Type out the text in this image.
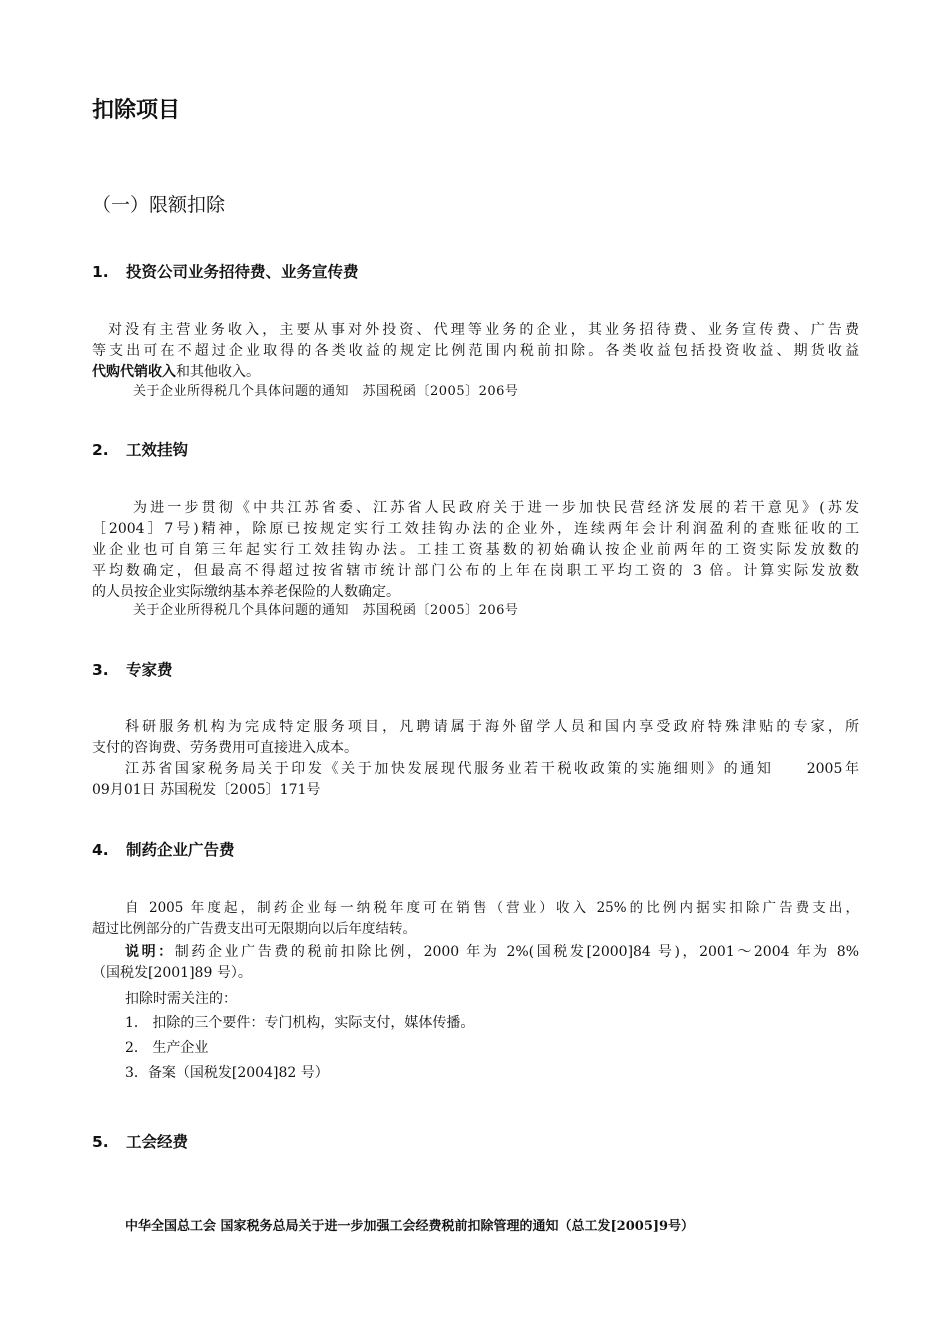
扣除项目
（一）限额扣除
1. 投资公司业务招待费、业务宣传费
对没有主营业务收入，主要从事对外投资、代理等业务的企业，其业务招待费、业务宣传费、广告费
等支出可在不超过企业取得的各类收益的规定比例范围内税前扣除。各类收益包括投资收益、期货收益
代购代销收入和其他收入。
关于企业所得税几个具体问题的通知　苏国税函〔2005〕206号
2. 工效挂钩
为进一步贯彻《中共江苏省委、江苏省人民政府关于进一步加快民营经济发展的若干意见》(苏发
［2004］7号)精神，除原已按规定实行工效挂钩办法的企业外，连续两年会计利润盈利的查账征收的工
业企业也可自第三年起实行工效挂钩办法。工挂工资基数的初始确认按企业前两年的工资实际发放数的
平均数确定，但最高不得超过按省辖市统计部门公布的上年在岗职工平均工资的 3 倍。计算实际发放数
的人员按企业实际缴纳基本养老保险的人数确定。
关于企业所得税几个具体问题的通知　苏国税函〔2005〕206号
3. 专家费
科研服务机构为完成特定服务项目，凡聘请属于海外留学人员和国内享受政府特殊津贴的专家，所
支付的咨询费、劳务费用可直接进入成本。
江苏省国家税务局关于印发《关于加快发展现代服务业若干税收政策的实施细则》的通知　　2005年
09月01日 苏国税发〔2005〕171号
4. 制药企业广告费
自 2005 年度起，制药企业每一纳税年度可在销售（营业）收入 25%的比例内据实扣除广告费支出，
超过比例部分的广告费支出可无限期向以后年度结转。
说明：制药企业广告费的税前扣除比例，2000 年为 2%(国税发[2000]84 号)，2001～2004 年为 8%
（国税发[2001]89 号）。
扣除时需关注的：
1． 扣除的三个要件：专门机构，实际支付，媒体传播。
2． 生产企业
3．备案（国税发[2004]82 号）
5. 工会经费
中华全国总工会 国家税务总局关于进一步加强工会经费税前扣除管理的通知（总工发[2005]9号）
